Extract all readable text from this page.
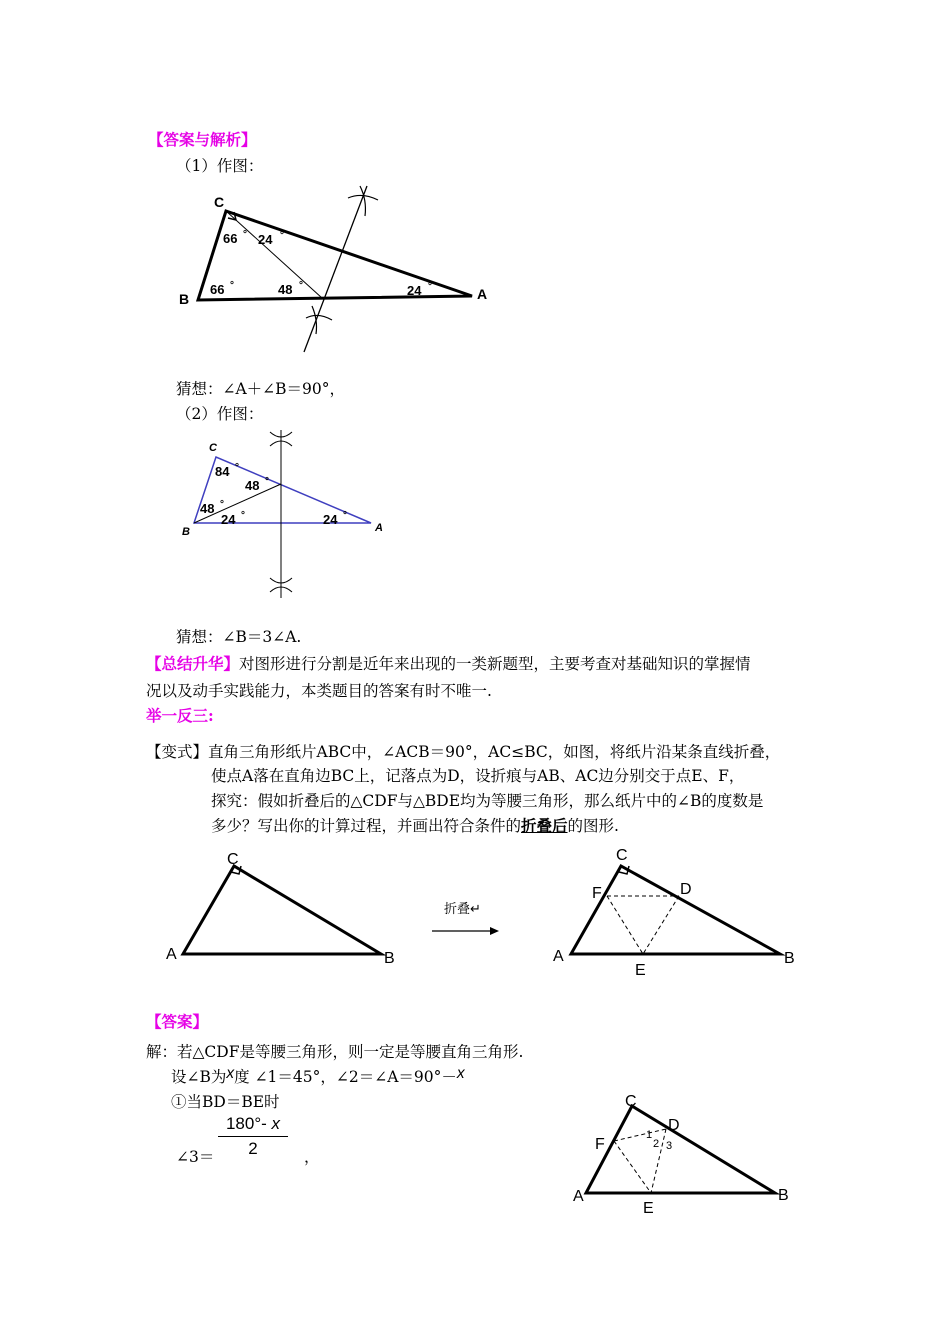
【答案与解析】
（1）作图：
C
B	A
66 24
66	48	24
°	°
°	°	°
猜想：∠A＋∠B＝90°，
（2）作图：
C
B	A
84
48
48
24	24
°
°
°
°	°
猜想：∠B＝3∠A.
【总结升华】对图形进行分割是近年来出现的一类新题型，主要考查对基础知识的掌握情
况以及动手实践能力，本类题目的答案有时不唯一.
举一反三:
【变式】直角三角形纸片ABC中，∠ACB＝90°，AC≤BC，如图，将纸片沿某条直线折叠，
使点A落在直角边BC上，记落点为D，设折痕与AB、AC边分别交于点E、F，
探究：假如折叠后的△CDF与△BDE均为等腰三角形，那么纸片中的∠B的度数是
多少？写出你的计算过程，并画出符合条件的折叠后的图形.
C
A	B
折叠↵
C
F	D
A
E
B
【答案】
解：若△CDF是等腰三角形，则一定是等腰直角三角形.
设∠B为x度 ∠1＝45°，∠2＝∠A＝90°－x
①当BD＝BE时
∠3＝ $\frac{180^\circ- x}{2}$ ，
C
D
F
A
E
B
1
2 3
